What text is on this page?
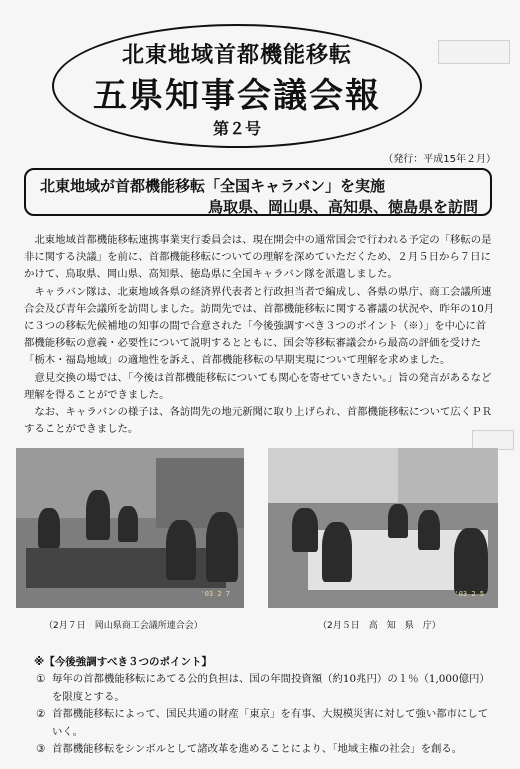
北東地域首都機能移転
五県知事会議会報
第２号
（発行：平成15年２月）
北東地域が首都機能移転「全国キャラバン」を実施
鳥取県、岡山県、高知県、徳島県を訪問

北東地域首都機能移転連携事業実行委員会は、現在開会中の通常国会で行われる予定の「移転の是非に関する決議」を前に、首都機能移転についての理解を深めていただくため、２月５日から７日にかけて、鳥取県、岡山県、高知県、徳島県に全国キャラバン隊を派遣しました。

キャラバン隊は、北東地域各県の経済界代表者と行政担当者で編成し、各県の県庁、商工会議所連合会及び青年会議所を訪問しました。訪問先では、首都機能移転に関する審議の状況や、昨年の10月に３つの移転先候補地の知事の間で合意された「今後強調すべき３つのポイント（※）」を中心に首都機能移転の意義・必要性について説明するとともに、国会等移転審議会から最高の評価を受けた「栃木・福島地域」の適地性を訴え、首都機能移転の早期実現について理解を求めました。

意見交換の場では、「今後は首都機能移転についても関心を寄せていきたい。」旨の発言があるなど理解を得ることができました。

なお、キャラバンの様子は、各訪問先の地元新聞に取り上げられ、首都機能移転について広くＰＲすることができました。

'03 2 7	'03 2 5
（2月７日　岡山県商工会議所連合会）	（2月５日　高　知　県　庁）
※【今後強調すべき３つのポイント】
① 毎年の首都機能移転にあてる公的負担は、国の年間投資額（約10兆円）の１％（1,000億円）を限度とする。
② 首都機能移転によって、国民共通の財産「東京」を有事、大規模災害に対して強い都市にしていく。
③ 首都機能移転をシンボルとして諸改革を進めることにより、「地域主権の社会」を創る。
